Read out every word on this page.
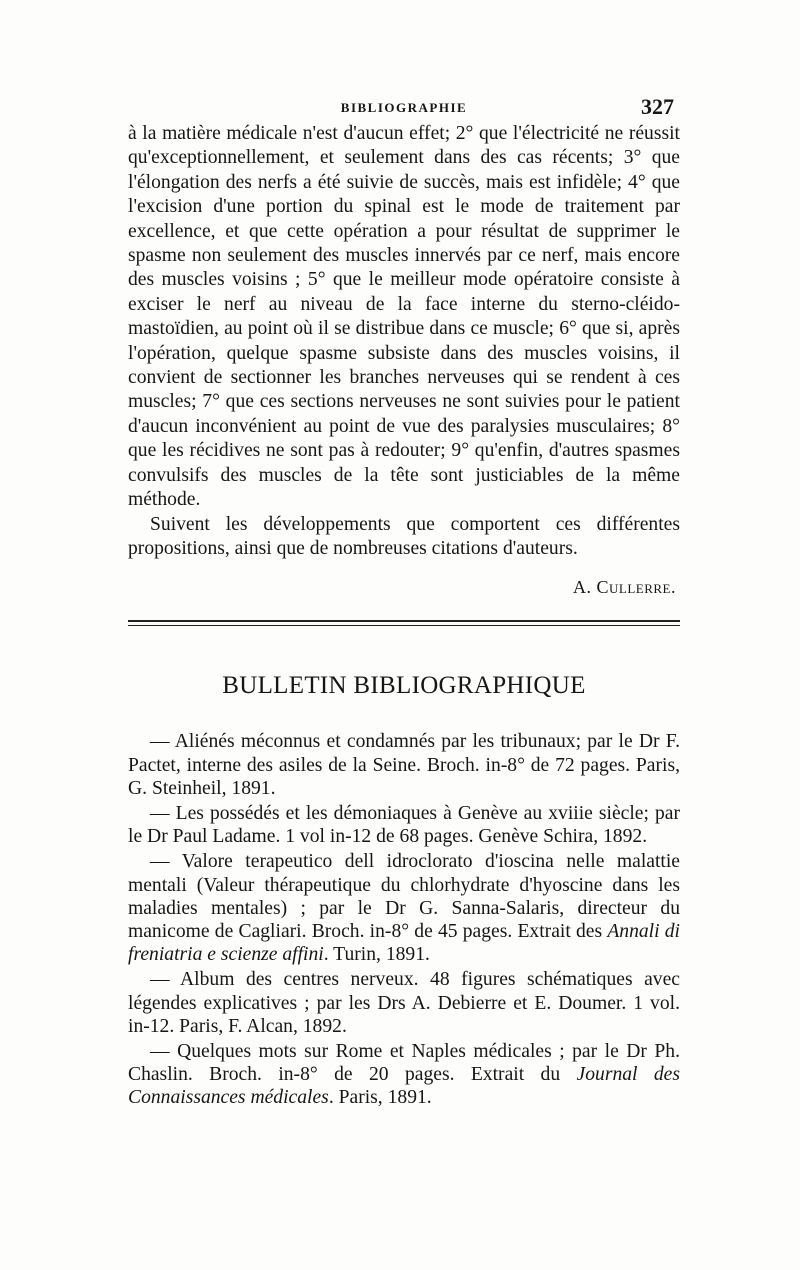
BIBLIOGRAPHIE	327

à la matière médicale n'est d'aucun effet; 2° que l'électricité ne réussit qu'exceptionnellement, et seulement dans des cas récents; 3° que l'élongation des nerfs a été suivie de succès, mais est infidèle; 4° que l'excision d'une portion du spinal est le mode de traitement par excellence, et que cette opération a pour résultat de supprimer le spasme non seulement des muscles innervés par ce nerf, mais encore des muscles voisins ; 5° que le meilleur mode opératoire consiste à exciser le nerf au niveau de la face interne du sterno-cléido-mastoïdien, au point où il se distribue dans ce muscle; 6° que si, après l'opération, quelque spasme subsiste dans des muscles voisins, il convient de sectionner les branches nerveuses qui se rendent à ces muscles; 7° que ces sections nerveuses ne sont suivies pour le patient d'aucun inconvénient au point de vue des paralysies musculaires; 8° que les récidives ne sont pas à redouter; 9° qu'enfin, d'autres spasmes convulsifs des muscles de la tête sont justiciables de la même méthode.

Suivent les développements que comportent ces différentes propositions, ainsi que de nombreuses citations d'auteurs.

A. Cullerre.
BULLETIN BIBLIOGRAPHIQUE

— Aliénés méconnus et condamnés par les tribunaux; par le Dr F. Pactet, interne des asiles de la Seine. Broch. in-8° de 72 pages. Paris, G. Steinheil, 1891.

— Les possédés et les démoniaques à Genève au xviiie siècle; par le Dr Paul Ladame. 1 vol in-12 de 68 pages. Genève Schira, 1892.

— Valore terapeutico dell idroclorato d'ioscina nelle malattie mentali (Valeur thérapeutique du chlorhydrate d'hyoscine dans les maladies mentales) ; par le Dr G. Sanna-Salaris, directeur du manicome de Cagliari. Broch. in-8° de 45 pages. Extrait des Annali di freniatria e scienze affini. Turin, 1891.

— Album des centres nerveux. 48 figures schématiques avec légendes explicatives ; par les Drs A. Debierre et E. Doumer. 1 vol. in-12. Paris, F. Alcan, 1892.

— Quelques mots sur Rome et Naples médicales ; par le Dr Ph. Chaslin. Broch. in-8° de 20 pages. Extrait du Journal des Connaissances médicales. Paris, 1891.
